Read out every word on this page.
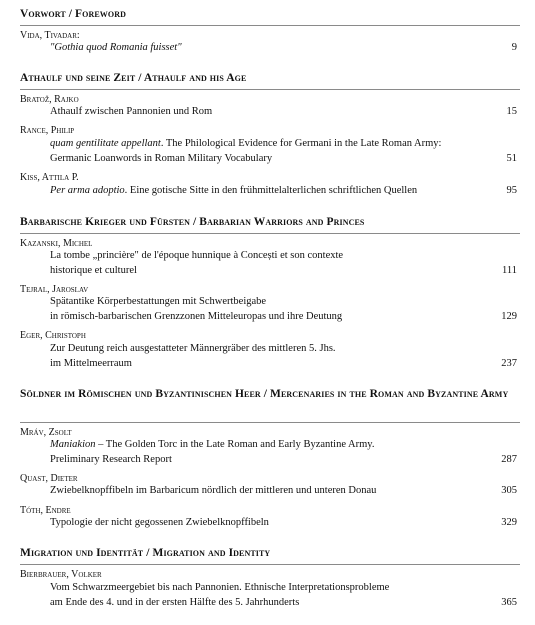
Vorwort / Foreword
Vida, Tivadar:
"Gothia quod Romania fuisset"	9
Athaulf und seine Zeit / Athaulf and his Age
Bratož, Rajko
Athaulf zwischen Pannonien und Rom	15
Rance, Philip
quam gentilitate appellant. The Philological Evidence for Germani in the Late Roman Army:
Germanic Loanwords in Roman Military Vocabulary	51
Kiss, Attila P.
Per arma adoptio. Eine gotische Sitte in den frühmittelalterlichen schriftlichen Quellen	95
Barbarische Krieger und Fürsten / Barbarian Warriors and Princes
Kazanski, Michel
La tombe „princière" de l'époque hunnique à Concești et son contexte
historique et culturel	111
Tejral, Jaroslav
Spätantike Körperbestattungen mit Schwertbeigabe
in römisch-barbarischen Grenzzonen Mitteleuropas und ihre Deutung	129
Eger, Christoph
Zur Deutung reich ausgestatteter Männergräber des mittleren 5. Jhs.
im Mittelmeerraum	237
Söldner im Römischen und Byzantinischen Heer / Mercenaries in the Roman and Byzantine Army
Mráv, Zsolt
Maniakion – The Golden Torc in the Late Roman and Early Byzantine Army.
Preliminary Research Report	287
Quast, Dieter
Zwiebelknopffibeln im Barbaricum nördlich der mittleren und unteren Donau	305
Tóth, Endre
Typologie der nicht gegossenen Zwiebelknopffibeln	329
Migration und Identität / Migration and Identity
Bierbrauer, Volker
Vom Schwarzmeergebiet bis nach Pannonien. Ethnische Interpretationsprobleme
am Ende des 4. und in der ersten Hälfte des 5. Jahrhunderts	365
